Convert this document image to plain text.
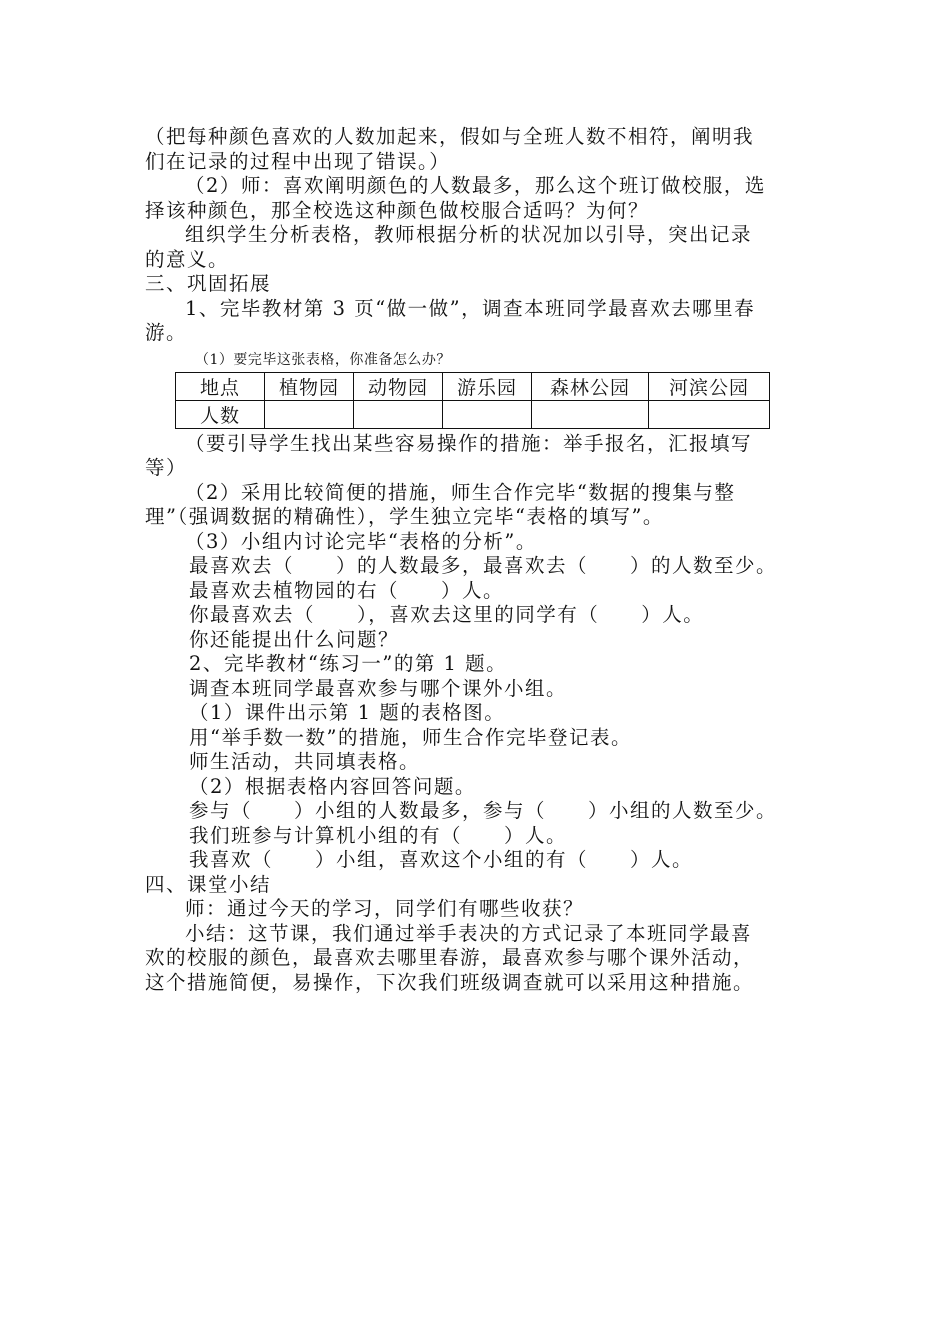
（把每种颜色喜欢的人数加起来，假如与全班人数不相符，阐明我
们在记录的过程中出现了错误。）
（2）师：喜欢阐明颜色的人数最多，那么这个班订做校服，选
择该种颜色，那全校选这种颜色做校服合适吗？为何？
组织学生分析表格，教师根据分析的状况加以引导，突出记录
的意义。
三、巩固拓展
1、完毕教材第 3 页“做一做”，调查本班同学最喜欢去哪里春
游。
（1）要完毕这张表格，你准备怎么办？
地点	植物园	动物园	游乐园	森林公园	河滨公园
人数					
（要引导学生找出某些容易操作的措施：举手报名，汇报填写
等）
（2）采用比较简便的措施，师生合作完毕“数据的搜集与整
理”（强调数据的精确性），学生独立完毕“表格的填写”。
（3）小组内讨论完毕“表格的分析”。
最喜欢去（　　）的人数最多，最喜欢去（　　）的人数至少。
最喜欢去植物园的右（　　）人。
你最喜欢去（　　），喜欢去这里的同学有（　　）人。
你还能提出什么问题？
2、完毕教材“练习一”的第 1 题。
调查本班同学最喜欢参与哪个课外小组。
（1）课件出示第 1 题的表格图。
用“举手数一数”的措施，师生合作完毕登记表。
师生活动，共同填表格。
（2）根据表格内容回答问题。
参与（　　）小组的人数最多，参与（　　）小组的人数至少。
我们班参与计算机小组的有（　　）人。
我喜欢（　　）小组，喜欢这个小组的有（　　）人。
四、课堂小结
师：通过今天的学习，同学们有哪些收获？
小结：这节课，我们通过举手表决的方式记录了本班同学最喜
欢的校服的颜色，最喜欢去哪里春游，最喜欢参与哪个课外活动，
这个措施简便，易操作，下次我们班级调查就可以采用这种措施。
